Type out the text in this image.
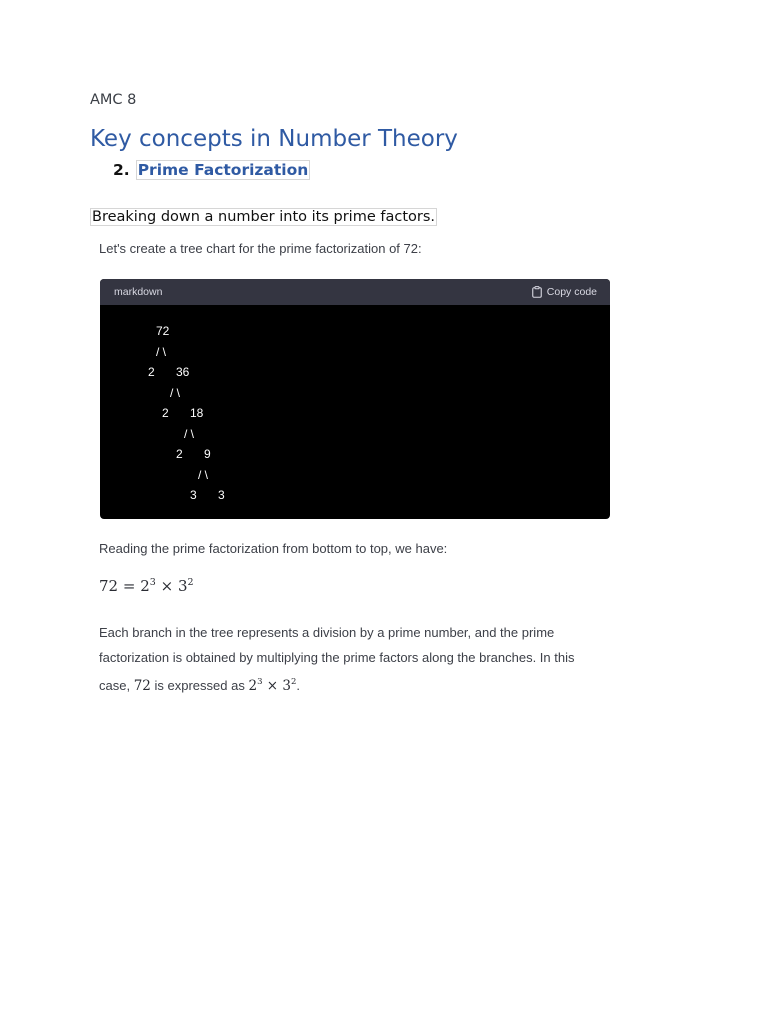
AMC 8
Key concepts in Number Theory
2. Prime Factorization
Breaking down a number into its prime factors.
Let's create a tree chart for the prime factorization of 72:
markdown	Copy code
72
/ \
2 36
/ \
2 18
/ \
2 9
/ \
3 3
Reading the prime factorization from bottom to top, we have:
$72 = 2^3 \times 3^2$
Each branch in the tree represents a division by a prime number, and the prime
factorization is obtained by multiplying the prime factors along the branches. In this
case, 72 is expressed as $2^3 \times 3^2$.
